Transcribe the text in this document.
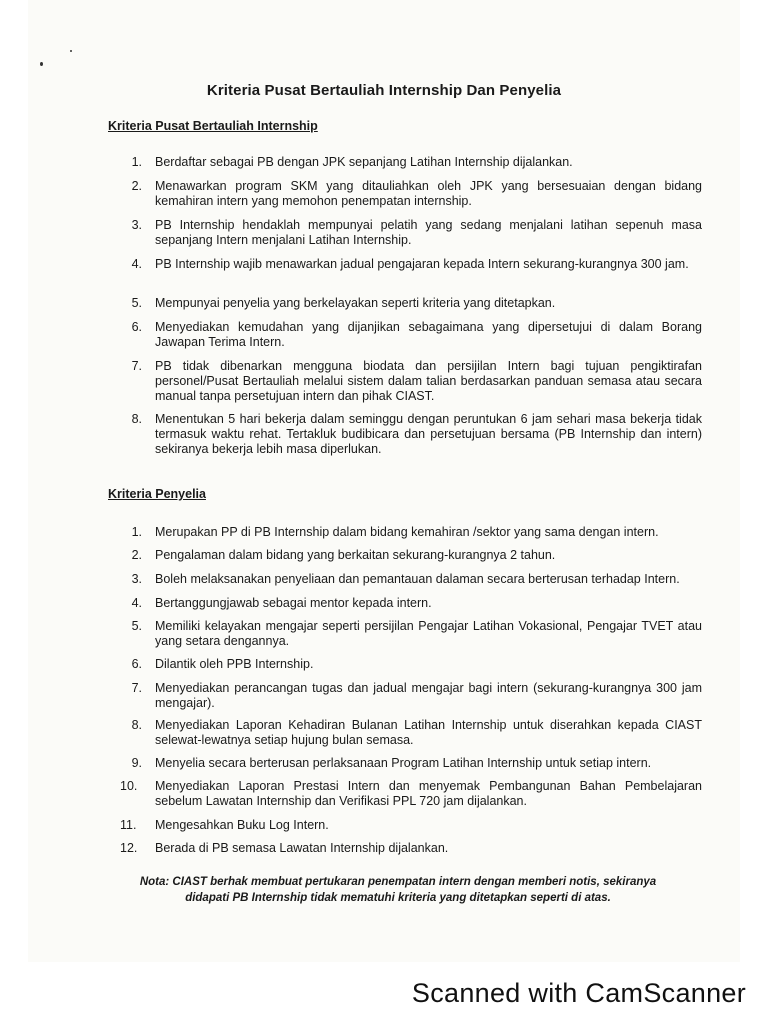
Kriteria Pusat Bertauliah Internship Dan Penyelia
Kriteria Pusat Bertauliah Internship
1. Berdaftar sebagai PB dengan JPK sepanjang Latihan Internship dijalankan.
2. Menawarkan program SKM yang ditauliahkan oleh JPK yang bersesuaian dengan bidang kemahiran intern yang memohon penempatan internship.
3. PB Internship hendaklah mempunyai pelatih yang sedang menjalani latihan sepenuh masa sepanjang Intern menjalani Latihan Internship.
4. PB Internship wajib menawarkan jadual pengajaran kepada Intern sekurang-kurangnya 300 jam.
5. Mempunyai penyelia yang berkelayakan seperti kriteria yang ditetapkan.
6. Menyediakan kemudahan yang dijanjikan sebagaimana yang dipersetujui di dalam Borang Jawapan Terima Intern.
7. PB tidak dibenarkan mengguna biodata dan persijilan Intern bagi tujuan pengiktirafan personel/Pusat Bertauliah melalui sistem dalam talian berdasarkan panduan semasa atau secara manual tanpa persetujuan intern dan pihak CIAST.
8. Menentukan 5 hari bekerja dalam seminggu dengan peruntukan 6 jam sehari masa bekerja tidak termasuk waktu rehat. Tertakluk budibicara dan persetujuan bersama (PB Internship dan intern) sekiranya bekerja lebih masa diperlukan.
Kriteria Penyelia
1. Merupakan PP di PB Internship dalam bidang kemahiran /sektor yang sama dengan intern.
2. Pengalaman dalam bidang yang berkaitan sekurang-kurangnya 2 tahun.
3. Boleh melaksanakan penyeliaan dan pemantauan dalaman secara berterusan terhadap Intern.
4. Bertanggungjawab sebagai mentor kepada intern.
5. Memiliki kelayakan mengajar seperti persijilan Pengajar Latihan Vokasional, Pengajar TVET atau yang setara dengannya.
6. Dilantik oleh PPB Internship.
7. Menyediakan perancangan tugas dan jadual mengajar bagi intern (sekurang-kurangnya 300 jam mengajar).
8. Menyediakan Laporan Kehadiran Bulanan Latihan Internship untuk diserahkan kepada CIAST selewat-lewatnya setiap hujung bulan semasa.
9. Menyelia secara berterusan perlaksanaan Program Latihan Internship untuk setiap intern.
10.	Menyediakan Laporan Prestasi Intern dan menyemak Pembangunan Bahan Pembelajaran sebelum Lawatan Internship dan Verifikasi PPL 720 jam dijalankan.
11.	Mengesahkan Buku Log Intern.
12.	Berada di PB semasa Lawatan Internship dijalankan.
Nota: CIAST berhak membuat pertukaran penempatan intern dengan memberi notis, sekiranya didapati PB Internship tidak mematuhi kriteria yang ditetapkan seperti di atas.
Scanned with CamScanner
